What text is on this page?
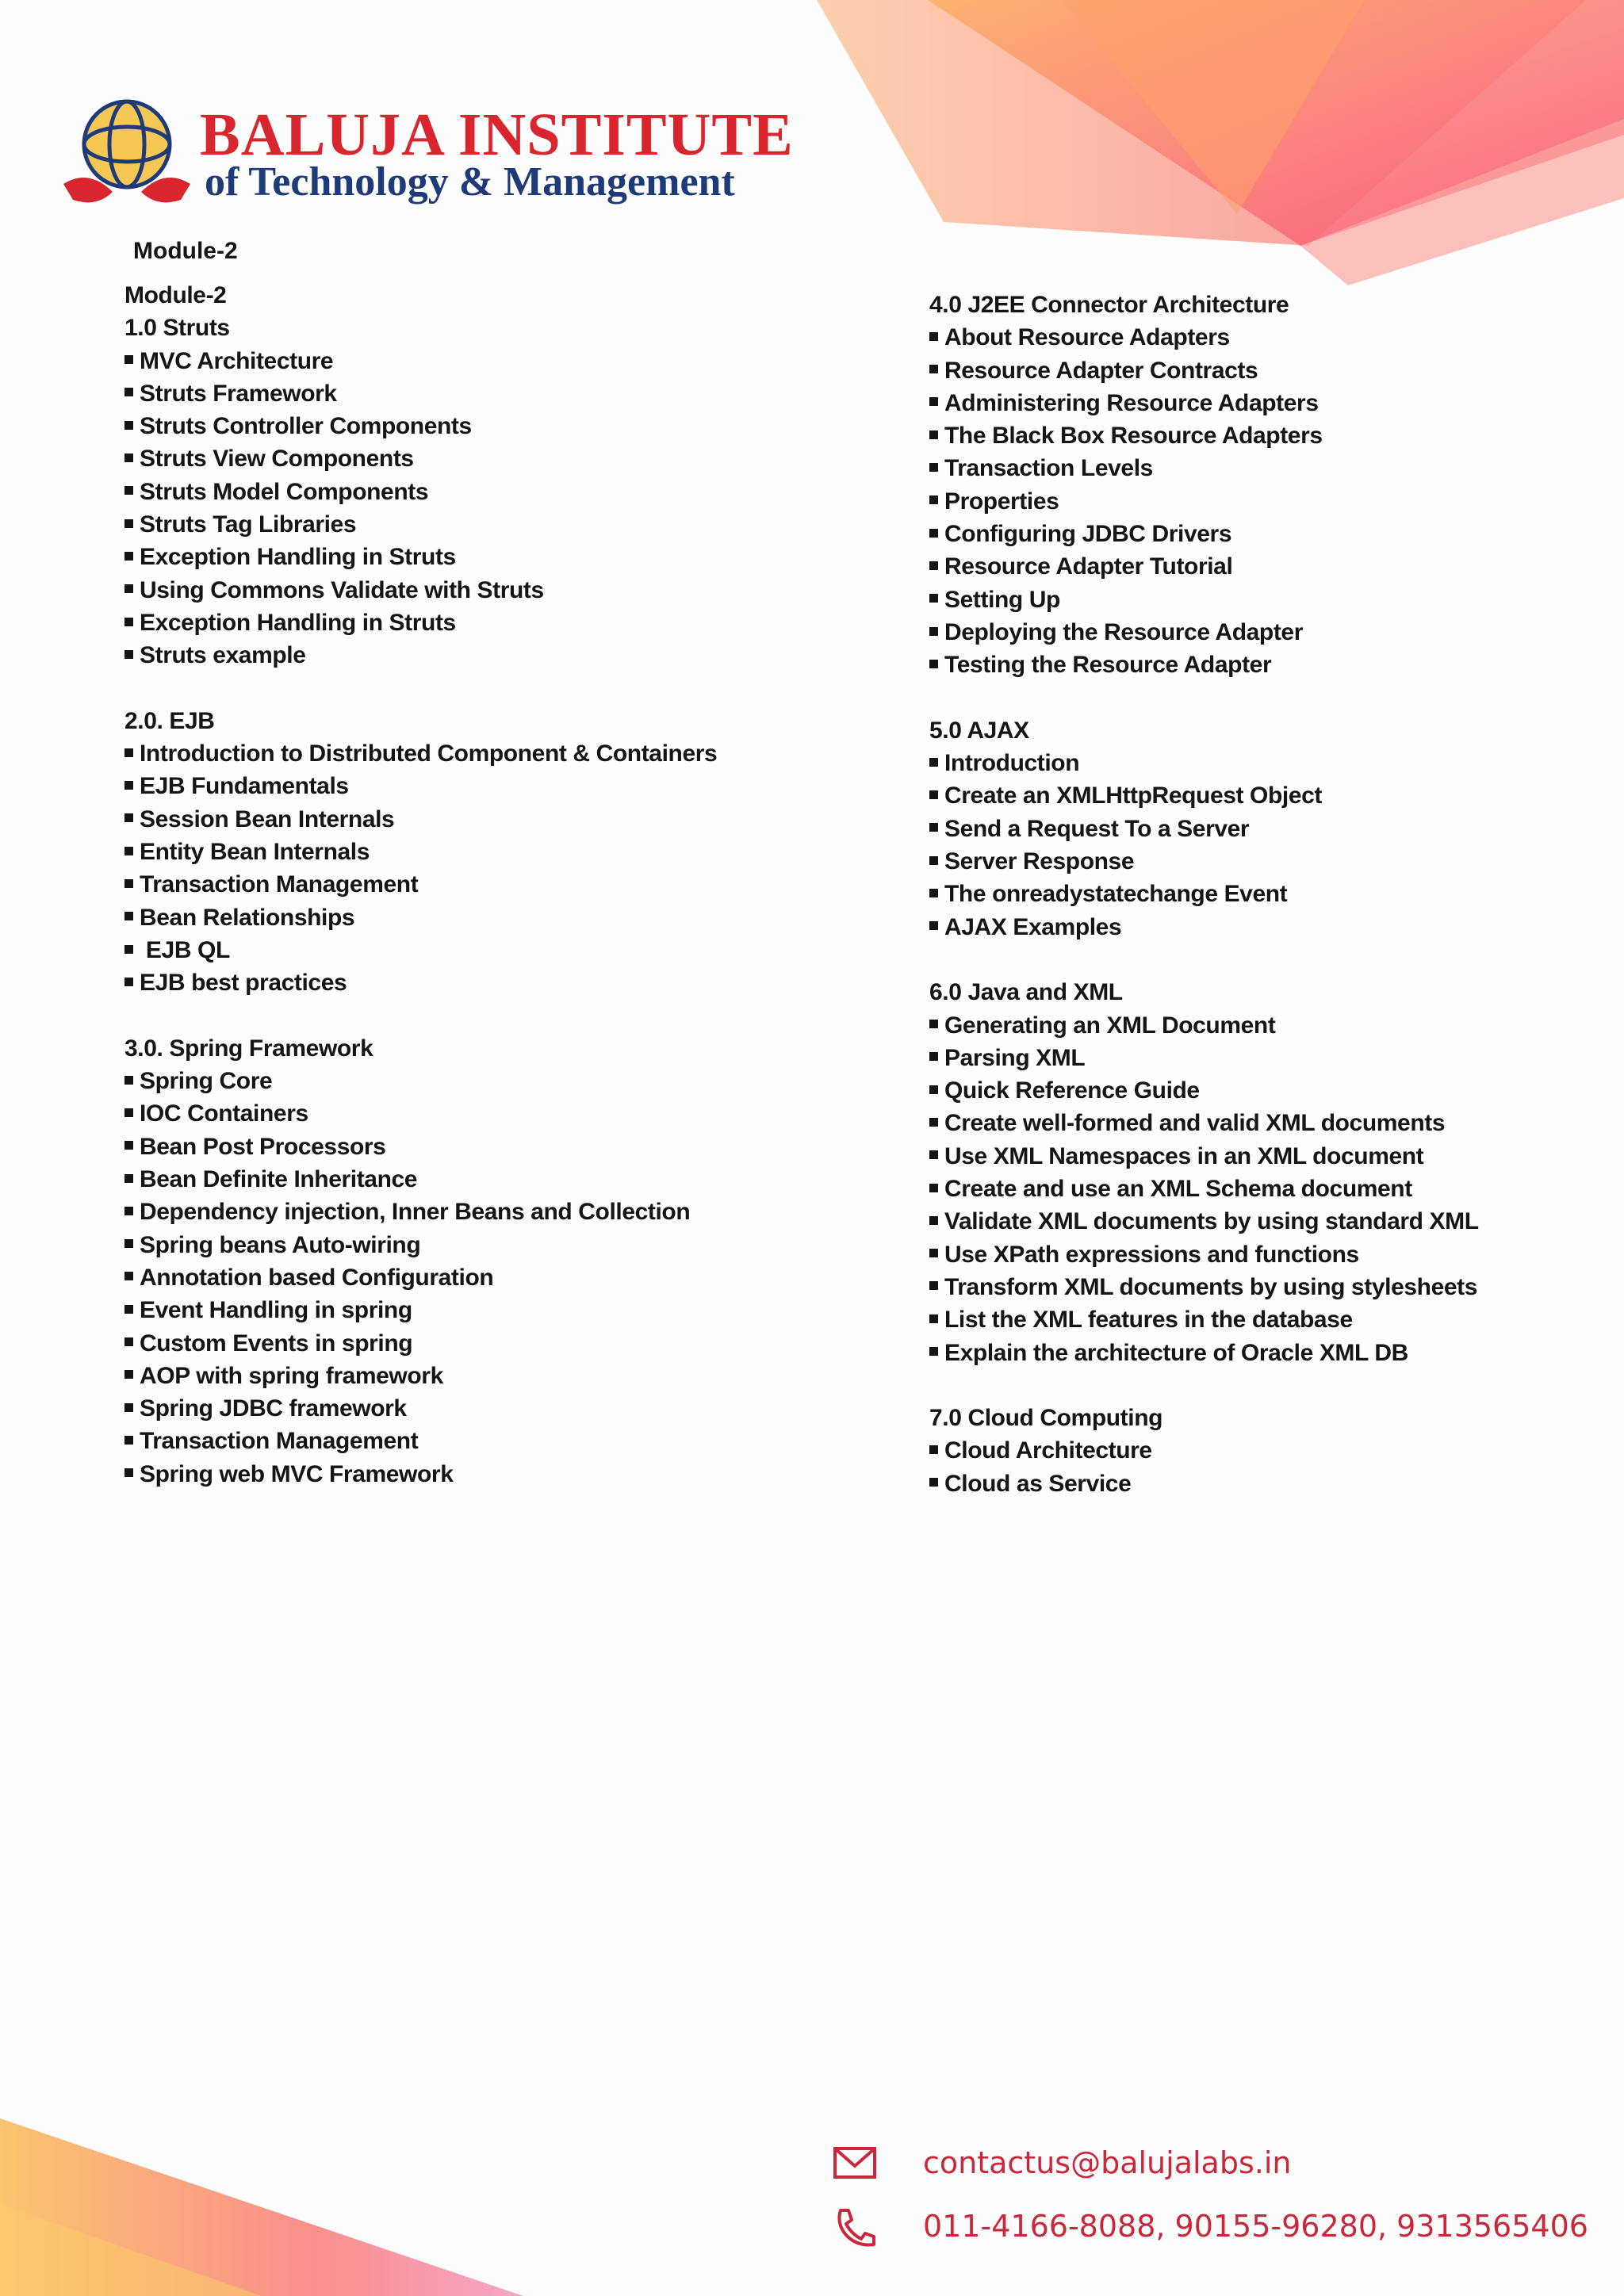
BALUJA INSTITUTE
of Technology & Management
Module-2
Module-2
1.0 Struts
MVC Architecture
Struts Framework
Struts Controller Components
Struts View Components
Struts Model Components
Struts Tag Libraries
Exception Handling in Struts
Using Commons Validate with Struts
Exception Handling in Struts
Struts example
2.0. EJB
Introduction to Distributed Component & Containers
EJB Fundamentals
Session Bean Internals
Entity Bean Internals
Transaction Management
Bean Relationships
EJB QL
EJB best practices
3.0. Spring Framework
Spring Core
IOC Containers
Bean Post Processors
Bean Definite Inheritance
Dependency injection, Inner Beans and Collection
Spring beans Auto-wiring
Annotation based Configuration
Event Handling in spring
Custom Events in spring
AOP with spring framework
Spring JDBC framework
Transaction Management
Spring web MVC Framework
4.0 J2EE Connector Architecture
About Resource Adapters
Resource Adapter Contracts
Administering Resource Adapters
The Black Box Resource Adapters
Transaction Levels
Properties
Configuring JDBC Drivers
Resource Adapter Tutorial
Setting Up
Deploying the Resource Adapter
Testing the Resource Adapter
5.0 AJAX
Introduction
Create an XMLHttpRequest Object
Send a Request To a Server
Server Response
The onreadystatechange Event
AJAX Examples
6.0 Java and XML
Generating an XML Document
Parsing XML
Quick Reference Guide
Create well-formed and valid XML documents
Use XML Namespaces in an XML document
Create and use an XML Schema document
Validate XML documents by using standard XML
Use XPath expressions and functions
Transform XML documents by using stylesheets
List the XML features in the database
Explain the architecture of Oracle XML DB
7.0 Cloud Computing
Cloud Architecture
Cloud as Service
contactus@balujalabs.in
011-4166-8088, 90155-96280, 9313565406
